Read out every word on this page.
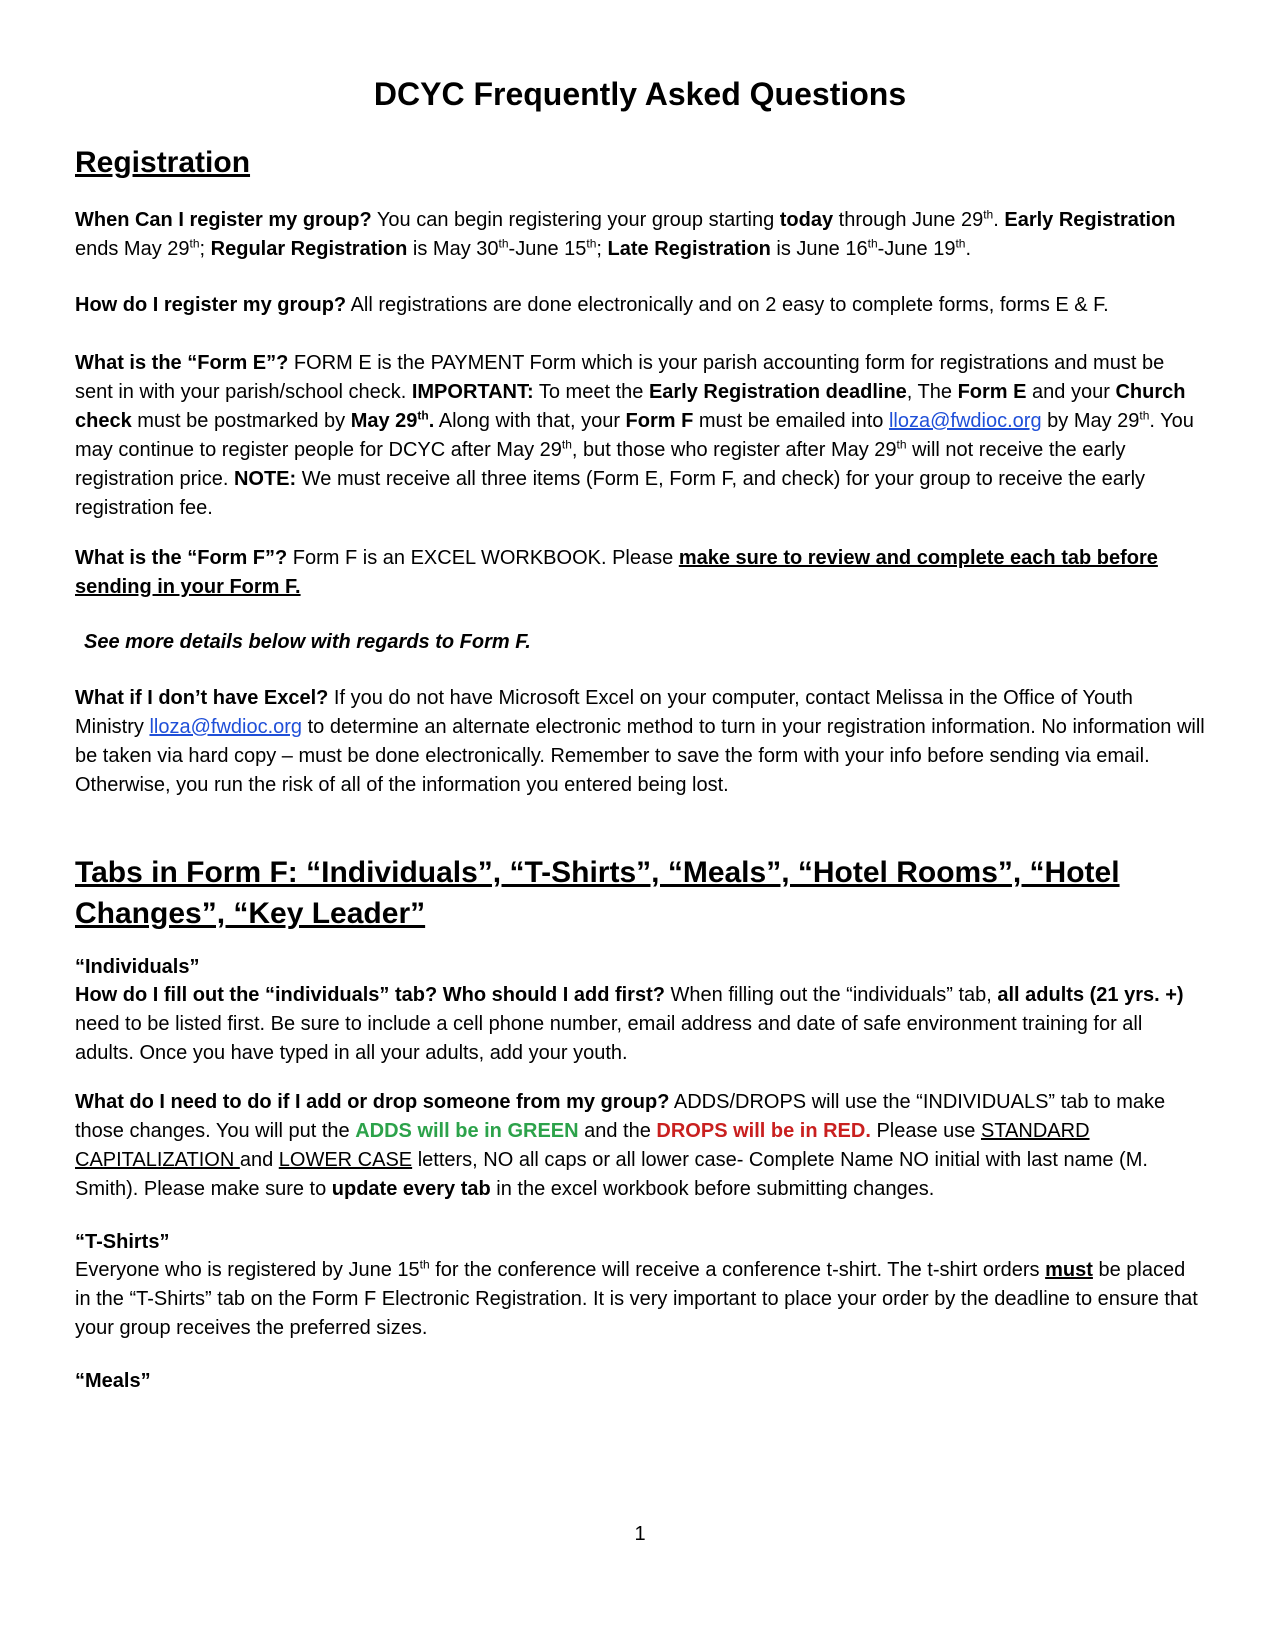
DCYC Frequently Asked Questions
Registration

When Can I register my group? You can begin registering your group starting today through June 29th. Early Registration ends May 29th; Regular Registration is May 30th-June 15th; Late Registration is June 16th-June 19th.

How do I register my group? All registrations are done electronically and on 2 easy to complete forms, forms E & F.

What is the “Form E”? FORM E is the PAYMENT Form which is your parish accounting form for registrations and must be sent in with your parish/school check. IMPORTANT: To meet the Early Registration deadline, The Form E and your Church check must be postmarked by May 29th. Along with that, your Form F must be emailed into lloza@fwdioc.org by May 29th. You may continue to register people for DCYC after May 29th, but those who register after May 29th will not receive the early registration price. NOTE: We must receive all three items (Form E, Form F, and check) for your group to receive the early registration fee.

What is the “Form F”? Form F is an EXCEL WORKBOOK. Please make sure to review and complete each tab before sending in your Form F.

See more details below with regards to Form F.

What if I don’t have Excel? If you do not have Microsoft Excel on your computer, contact Melissa in the Office of Youth Ministry lloza@fwdioc.org to determine an alternate electronic method to turn in your registration information. No information will be taken via hard copy – must be done electronically. Remember to save the form with your info before sending via email. Otherwise, you run the risk of all of the information you entered being lost.

Tabs in Form F: “Individuals”, “T-Shirts”, “Meals”, “Hotel Rooms”, “Hotel Changes”, “Key Leader”

“Individuals”

How do I fill out the “individuals” tab? Who should I add first? When filling out the “individuals” tab, all adults (21 yrs. +) need to be listed first. Be sure to include a cell phone number, email address and date of safe environment training for all adults. Once you have typed in all your adults, add your youth.

What do I need to do if I add or drop someone from my group? ADDS/DROPS will use the “INDIVIDUALS” tab to make those changes. You will put the ADDS will be in GREEN and the DROPS will be in RED. Please use STANDARD CAPITALIZATION and LOWER CASE letters, NO all caps or all lower case- Complete Name NO initial with last name (M. Smith). Please make sure to update every tab in the excel workbook before submitting changes.

“T-Shirts”

Everyone who is registered by June 15th for the conference will receive a conference t-shirt. The t-shirt orders must be placed in the “T-Shirts” tab on the Form F Electronic Registration. It is very important to place your order by the deadline to ensure that your group receives the preferred sizes.

“Meals”

1
